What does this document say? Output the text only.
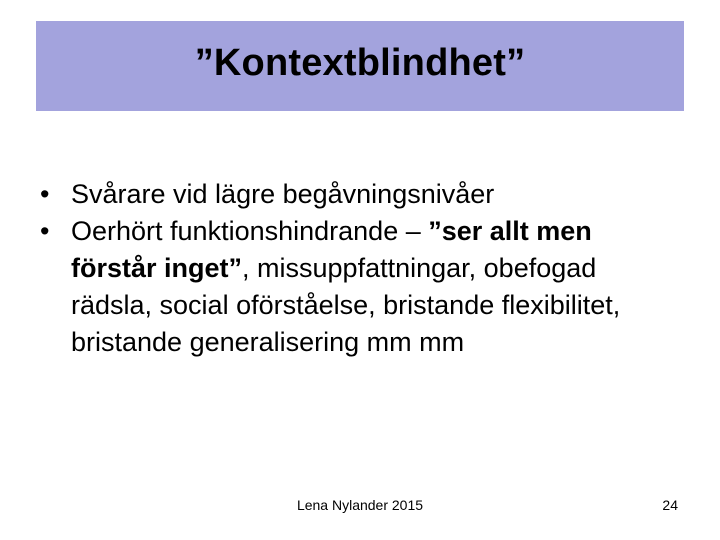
”Kontextblindhet”
• Svårare vid lägre begåvningsnivåer
• Oerhört funktionshindrande – ”ser allt men förstår inget”, missuppfattningar, obefogad rädsla, social oförståelse, bristande flexibilitet, bristande generalisering mm mm
Lena Nylander 2015	24
